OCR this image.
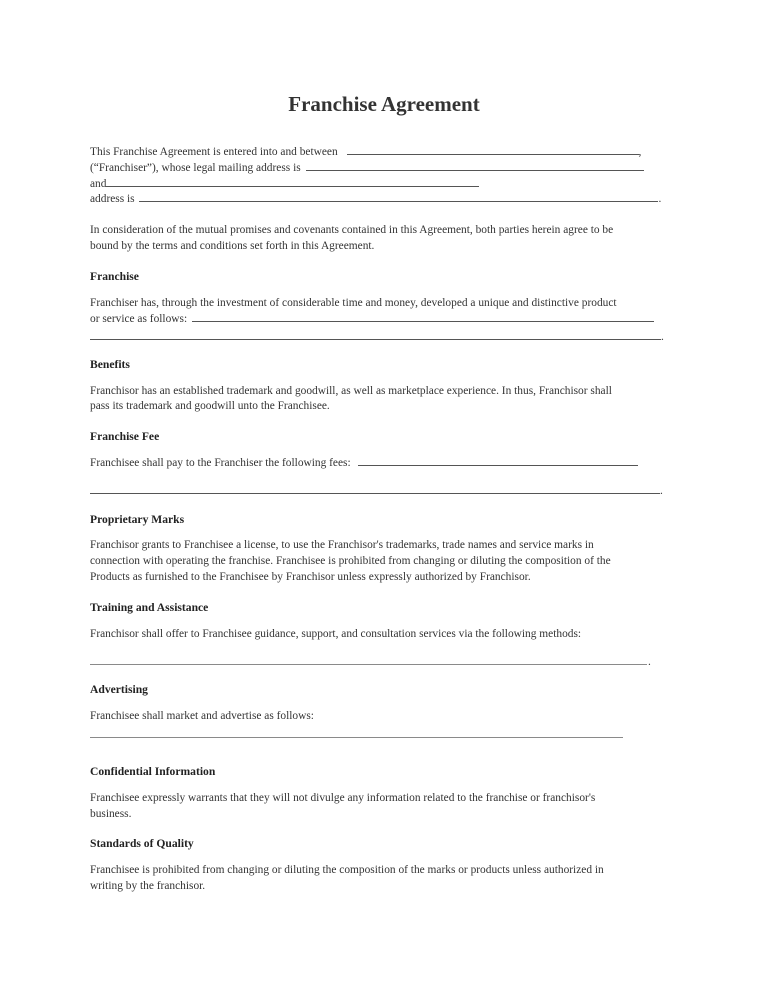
Franchise Agreement
This Franchise Agreement is entered into and between	,
(“Franchiser”), whose legal mailing address is
and
address is	.
In consideration of the mutual promises and covenants contained in this Agreement, both parties herein agree to be
bound by the terms and conditions set forth in this Agreement.
Franchise
Franchiser has, through the investment of considerable time and money, developed a unique and distinctive product
or service as follows:
.
Benefits
Franchisor has an established trademark and goodwill, as well as marketplace experience. In thus, Franchisor shall
pass its trademark and goodwill unto the Franchisee.
Franchise Fee
Franchisee shall pay to the Franchiser the following fees:
.
Proprietary Marks
Franchisor grants to Franchisee a license, to use the Franchisor's trademarks, trade names and service marks in
connection with operating the franchise. Franchisee is prohibited from changing or diluting the composition of the
Products as furnished to the Franchisee by Franchisor unless expressly authorized by Franchisor.
Training and Assistance
Franchisor shall offer to Franchisee guidance, support, and consultation services via the following methods:
.
Advertising
Franchisee shall market and advertise as follows:
Confidential Information
Franchisee expressly warrants that they will not divulge any information related to the franchise or franchisor's
business.
Standards of Quality
Franchisee is prohibited from changing or diluting the composition of the marks or products unless authorized in
writing by the franchisor.
